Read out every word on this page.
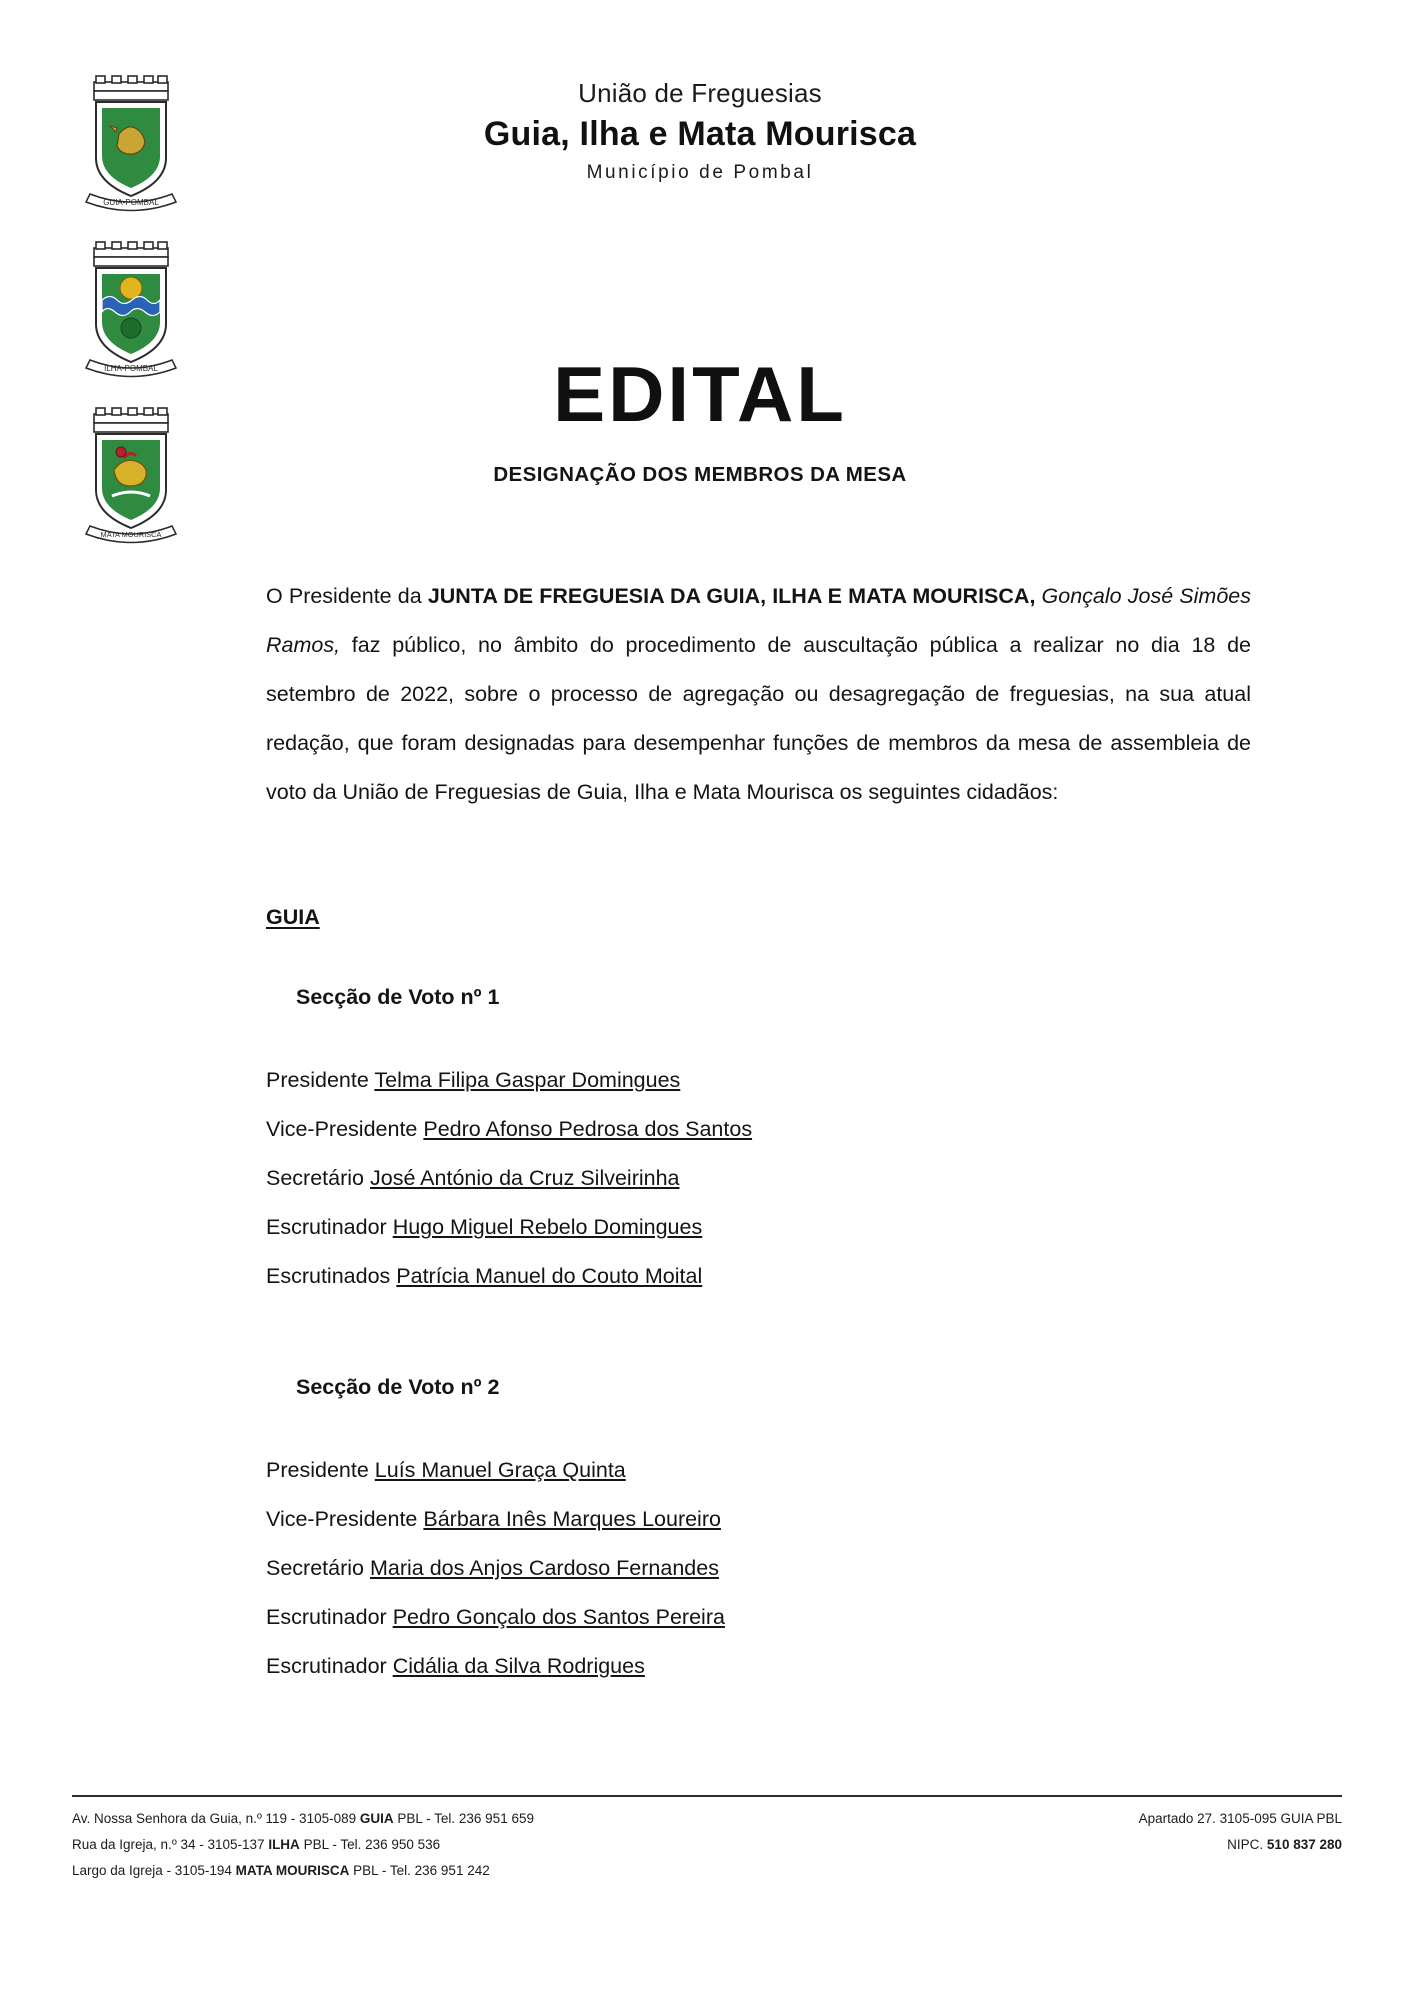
GUIA-POMBAL
ILHA-POMBAL
MATA MOURISCA
União de Freguesias
Guia, Ilha e Mata Mourisca
Município de Pombal
EDITAL
DESIGNAÇÃO DOS MEMBROS DA MESA
O Presidente da JUNTA DE FREGUESIA DA GUIA, ILHA E MATA MOURISCA, Gonçalo José Simões Ramos, faz público, no âmbito do procedimento de auscultação pública a realizar no dia 18 de setembro de 2022, sobre o processo de agregação ou desagregação de freguesias, na sua atual redação, que foram designadas para desempenhar funções de membros da mesa de assembleia de voto da União de Freguesias de Guia, Ilha e Mata Mourisca os seguintes cidadãos:
GUIA
Secção de Voto nº 1
Presidente Telma Filipa Gaspar Domingues
Vice-Presidente Pedro Afonso Pedrosa dos Santos
Secretário José António da Cruz Silveirinha
Escrutinador Hugo Miguel Rebelo Domingues
Escrutinados Patrícia Manuel do Couto Moital
Secção de Voto nº 2
Presidente Luís Manuel Graça Quinta
Vice-Presidente Bárbara Inês Marques Loureiro
Secretário Maria dos Anjos Cardoso Fernandes
Escrutinador Pedro Gonçalo dos Santos Pereira
Escrutinador Cidália da Silva Rodrigues
Av. Nossa Senhora da Guia, n.º 119 - 3105-089 GUIA PBL - Tel. 236 951 659
Rua da Igreja, n.º 34 - 3105-137 ILHA PBL - Tel. 236 950 536
Largo da Igreja - 3105-194 MATA MOURISCA PBL - Tel. 236 951 242
Apartado 27. 3105-095 GUIA PBL
NIPC. 510 837 280
